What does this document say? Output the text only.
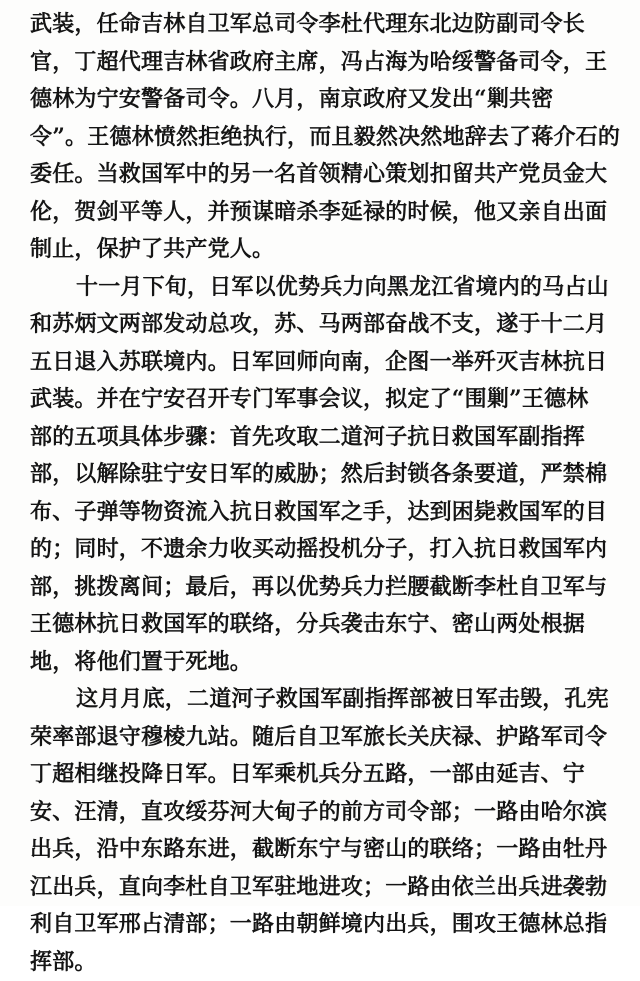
武装，任命吉林自卫军总司令李杜代理东北边防副司令长
官，丁超代理吉林省政府主席，冯占海为哈绥警备司令，王
德林为宁安警备司令。八月，南京政府又发出“剿共密
令”。王德林愤然拒绝执行，而且毅然决然地辞去了蒋介石的
委任。当救国军中的另一名首领精心策划扣留共产党员金大
伦，贺剑平等人，并预谋暗杀李延禄的时候，他又亲自出面
制止，保护了共产党人。
十一月下旬，日军以优势兵力向黑龙江省境内的马占山
和苏炳文两部发动总攻，苏、马两部奋战不支，遂于十二月
五日退入苏联境内。日军回师向南，企图一举歼灭吉林抗日
武装。并在宁安召开专门军事会议，拟定了“围剿”王德林
部的五项具体步骤：首先攻取二道河子抗日救国军副指挥
部，以解除驻宁安日军的威胁；然后封锁各条要道，严禁棉
布、子弹等物资流入抗日救国军之手，达到困毙救国军的目
的；同时，不遗余力收买动摇投机分子，打入抗日救国军内
部，挑拨离间；最后，再以优势兵力拦腰截断李杜自卫军与
王德林抗日救国军的联络，分兵袭击东宁、密山两处根据
地，将他们置于死地。
这月月底，二道河子救国军副指挥部被日军击毁，孔宪
荣率部退守穆棱九站。随后自卫军旅长关庆禄、护路军司令
丁超相继投降日军。日军乘机兵分五路，一部由延吉、宁
安、汪清，直攻绥芬河大甸子的前方司令部；一路由哈尔滨
出兵，沿中东路东进，截断东宁与密山的联络；一路由牡丹
江出兵，直向李杜自卫军驻地进攻；一路由依兰出兵进袭勃
利自卫军邢占清部；一路由朝鲜境内出兵，围攻王德林总指
挥部。
